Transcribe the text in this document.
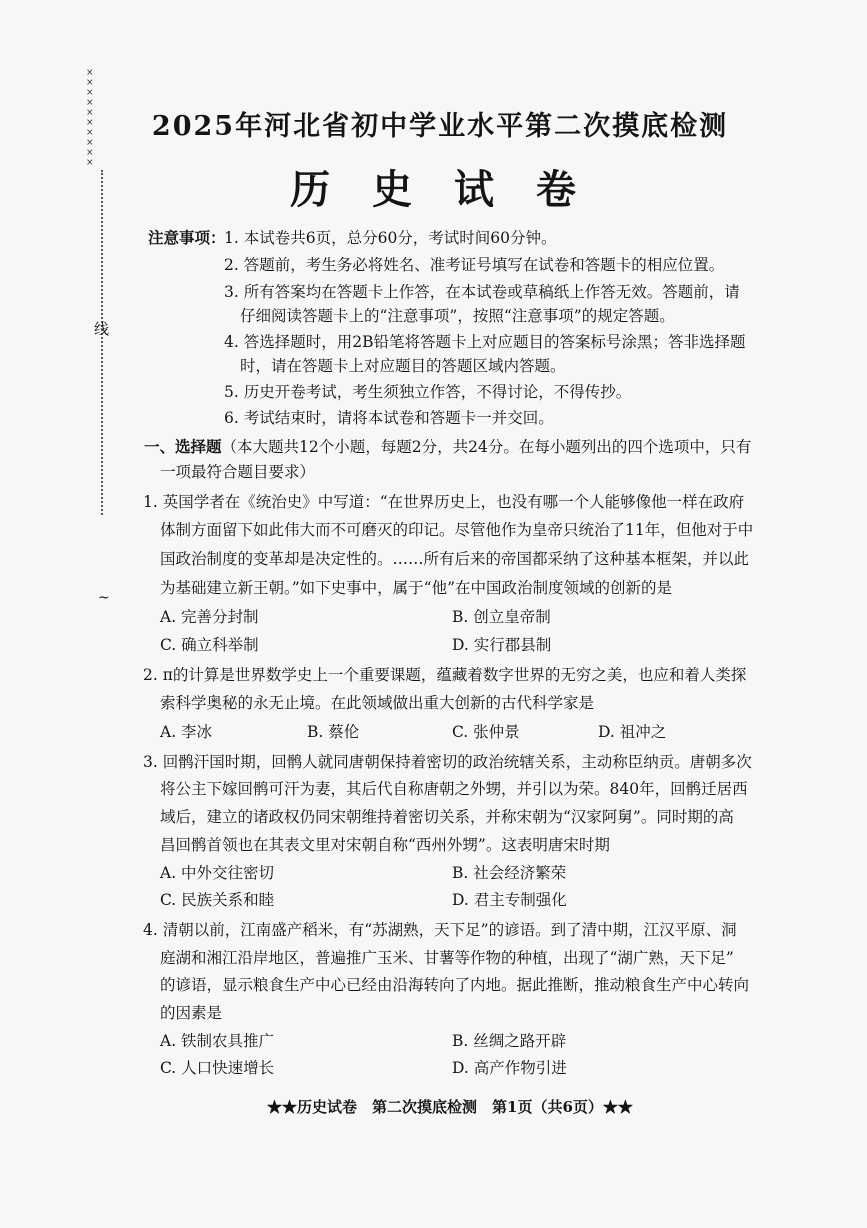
× × × × × × × × × ×
线
~
2025年河北省初中学业水平第二次摸底检测
历 史 试 卷
注意事项：
1. 本试卷共6页，总分60分，考试时间60分钟。
2. 答题前，考生务必将姓名、准考证号填写在试卷和答题卡的相应位置。
3. 所有答案均在答题卡上作答，在本试卷或草稿纸上作答无效。答题前，请
仔细阅读答题卡上的“注意事项”，按照“注意事项”的规定答题。
4. 答选择题时，用2B铅笔将答题卡上对应题目的答案标号涂黑；答非选择题
时，请在答题卡上对应题目的答题区域内答题。
5. 历史开卷考试，考生须独立作答，不得讨论，不得传抄。
6. 考试结束时，请将本试卷和答题卡一并交回。
一、选择题（本大题共12个小题，每题2分，共24分。在每小题列出的四个选项中，只有
一项最符合题目要求）
1. 英国学者在《统治史》中写道：“在世界历史上，也没有哪一个人能够像他一样在政府
体制方面留下如此伟大而不可磨灭的印记。尽管他作为皇帝只统治了11年，但他对于中
国政治制度的变革却是决定性的。……所有后来的帝国都采纳了这种基本框架，并以此
为基础建立新王朝。”如下史事中，属于“他”在中国政治制度领域的创新的是
A. 完善分封制	B. 创立皇帝制
C. 确立科举制	D. 实行郡县制
2. π的计算是世界数学史上一个重要课题，蕴藏着数字世界的无穷之美，也应和着人类探
索科学奥秘的永无止境。在此领域做出重大创新的古代科学家是
A. 李冰	B. 蔡伦	C. 张仲景	D. 祖冲之
3. 回鹘汗国时期，回鹘人就同唐朝保持着密切的政治统辖关系，主动称臣纳贡。唐朝多次
将公主下嫁回鹘可汗为妻，其后代自称唐朝之外甥，并引以为荣。840年，回鹘迁居西
域后，建立的诸政权仍同宋朝维持着密切关系，并称宋朝为“汉家阿舅”。同时期的高
昌回鹘首领也在其表文里对宋朝自称“西州外甥”。这表明唐宋时期
A. 中外交往密切	B. 社会经济繁荣
C. 民族关系和睦	D. 君主专制强化
4. 清朝以前，江南盛产稻米，有“苏湖熟，天下足”的谚语。到了清中期，江汉平原、洞
庭湖和湘江沿岸地区，普遍推广玉米、甘薯等作物的种植，出现了“湖广熟，天下足”
的谚语，显示粮食生产中心已经由沿海转向了内地。据此推断，推动粮食生产中心转向
的因素是
A. 铁制农具推广	B. 丝绸之路开辟
C. 人口快速增长	D. 高产作物引进
★★历史试卷　第二次摸底检测　第1页（共6页）★★
